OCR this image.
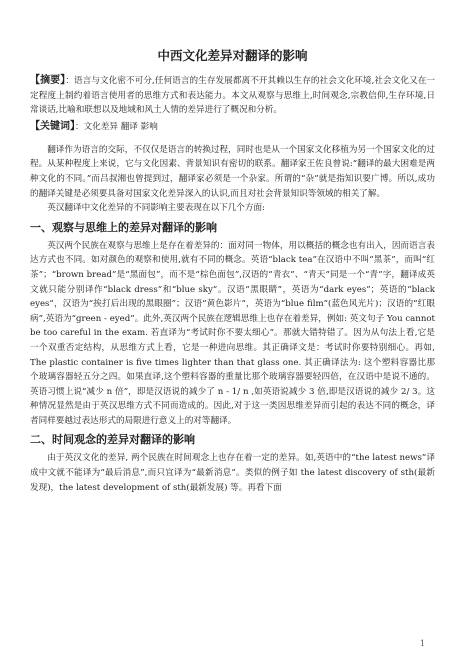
中西文化差异对翻译的影响

【摘要】：语言与文化密不可分,任何语言的生存发展都离不开其赖以生存的社会文化环境,社会文化又在一定程度上制约着语言使用者的思维方式和表达能力。本文从观察与思维上,时间观念,宗教信仰,生存环境,日常谈话,比喻和联想以及地域和风土人情的差异进行了概况和分析。

【关键词】：文化差异 翻译 影响

翻译作为语言的交际，不仅仅是语言的转换过程，同时也是从一个国家文化移植为另一个国家文化的过程。从某种程度上来说，它与文化因素、背景知识有密切的联系。翻译家王佐良曾说:“翻译的最大困难是两种文化的不同。”而吕叔湘也曾提到过，翻译家必须是一个杂家。所谓的“杂”就是指知识要广博。所以,成功的翻译关键是必须要具备对国家文化差异深入的认识,而且对社会背景知识等领域的相关了解。

英汉翻译中文化差异的不同影响主要表现在以下几个方面:

一、观察与思维上的差异对翻译的影响

英汉两个民族在观察与思维上是存在着差异的：面对同一物体，用以概括的概念也有出入，因而语言表达方式也不同。如对颜色的观察和使用,就有不同的概念。英语“black tea”在汉语中不叫“黑茶”，而叫“红茶”；“brown bread”是“黑面包”，而不是“棕色面包”,汉语的“青衣”、“青天”同是一个“青”字，翻译成英文就只能分别译作“black dress”和“blue sky”。汉语“黑眼睛”，英语为“dark eyes”；英语的“black eyes”，汉语为“挨打后出现的黑眼圈”；汉语“黄色影片”，英语为“blue film”(蓝色风光片)；汉语的“红眼病”,英语为“green - eyed”。此外,英汉两个民族在逻辑思维上也存在着差异，例如: 英文句子 You cannot be too careful in the exam. 若直译为“考试时你不要太细心”。那就大错特错了。因为从句法上看,它是一个双重否定结构，从思维方式上看，它是一种进向思维。其正确译文是：考试时你要特别细心。再如, The plastic container is five times lighter than that glass one. 其正确译法为: 这个塑料容器比那个玻璃容器轻五分之四。如果直译,这个塑料容器的重量比那个玻璃容器要轻四倍，在汉语中是说不通的。英语习惯上说“减少 n 倍”，即是汉语说的减少了 n - 1/ n ,如英语说减少 3 倍,即是汉语说的减少 2/ 3。这种情况显然是由于英汉思维方式不同而造成的。因此,对于这一类因思维差异而引起的表达不同的概念，译者同样要越过表达形式的局限进行意义上的对等翻译。

二、时间观念的差异对翻译的影响

由于英汉文化的差异, 两个民族在时间观念上也存在着一定的差异。如,英语中的“the latest news”译成中文就不能译为“最后消息”,而只宜译为“最新消息”。类似的例子如 the latest discovery of sth(最新发现)，the latest development of sth(最新发展) 等。再看下面

1
